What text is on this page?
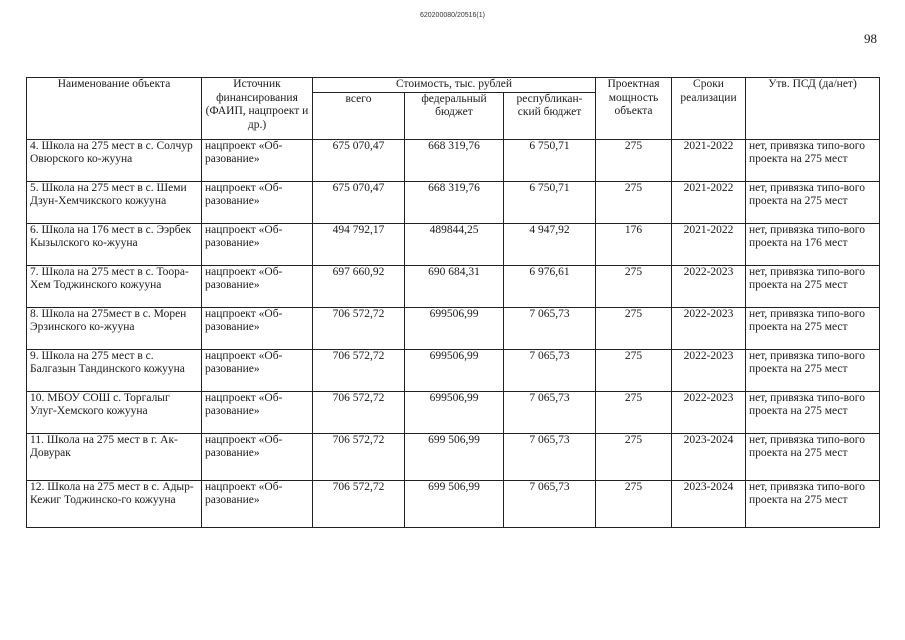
620200080/20516(1)
98
Наименование объекта	Источник финансирования (ФАИП, нацпроект и др.)	Стоимость, тыс. рублей			Проектная мощность объекта	Сроки реализации	Утв. ПСД (да/нет)
		всего	федеральный бюджет	республикан-ский бюджет			
4. Школа на 275 мест в с. Солчур Овюрского ко-жууна	нацпроект «Об-разование»	675 070,47	668 319,76	6 750,71	275	2021-2022	нет, привязка типо-вого проекта на 275 мест
5. Школа на 275 мест в с. Шеми Дзун-Хемчикского кожууна	нацпроект «Об-разование»	675 070,47	668 319,76	6 750,71	275	2021-2022	нет, привязка типо-вого проекта на 275 мест
6. Школа на 176 мест в с. Ээрбек Кызылского ко-жууна	нацпроект «Об-разование»	494 792,17	489844,25	4 947,92	176	2021-2022	нет, привязка типо-вого проекта на 176 мест
7. Школа на 275 мест в с. Тоора-Хем Тоджинского кожууна	нацпроект «Об-разование»	697 660,92	690 684,31	6 976,61	275	2022-2023	нет, привязка типо-вого проекта на 275 мест
8. Школа на 275мест в с. Морен Эрзинского ко-жууна	нацпроект «Об-разование»	706 572,72	699506,99	7 065,73	275	2022-2023	нет, привязка типо-вого проекта на 275 мест
9. Школа на 275 мест в с. Балгазын Тандинского кожууна	нацпроект «Об-разование»	706 572,72	699506,99	7 065,73	275	2022-2023	нет, привязка типо-вого проекта на 275 мест
10. МБОУ СОШ с. Торгалыг Улуг-Хемского кожууна	нацпроект «Об-разование»	706 572,72	699506,99	7 065,73	275	2022-2023	нет, привязка типо-вого проекта на 275 мест
11. Школа на 275 мест в г. Ак-Довурак	нацпроект «Об-разование»	706 572,72	699 506,99	7 065,73	275	2023-2024	нет, привязка типо-вого проекта на 275 мест
12. Школа на 275 мест в с. Адыр-Кежиг Тоджинско-го кожууна	нацпроект «Об-разование»	706 572,72	699 506,99	7 065,73	275	2023-2024	нет, привязка типо-вого проекта на 275 мест
